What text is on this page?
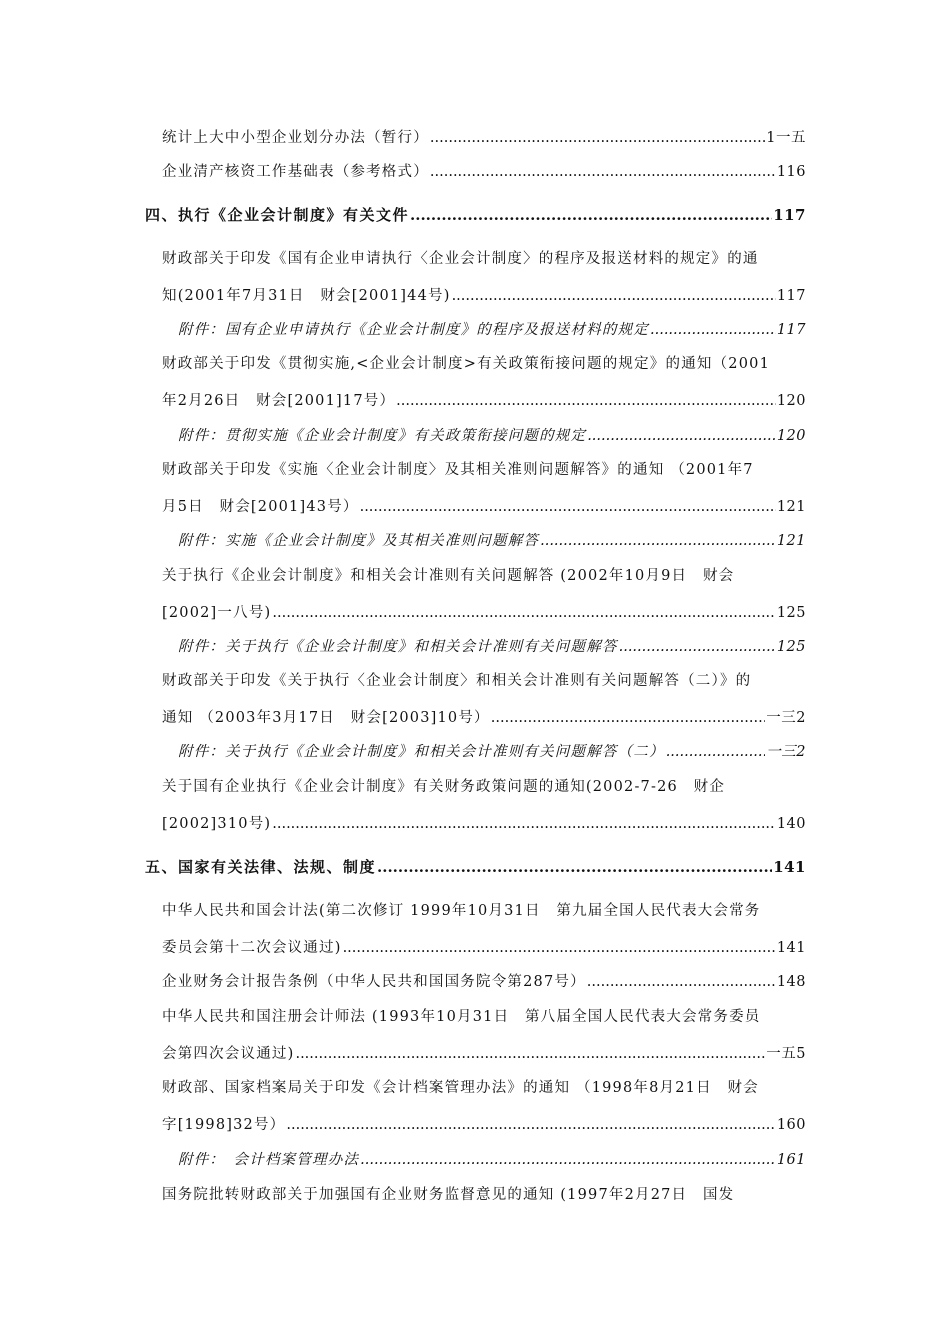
统计上大中小型企业划分办法（暂行） .....	1一五
企业清产核资工作基础表（参考格式） .....	116
四、执行《企业会计制度》有关文件 .....	117
财政部关于印发《国有企业申请执行〈企业会计制度〉的程序及报送材料的规定》的通
知(2001年7月31日　财会[2001]44号) .....	117
附件：国有企业申请执行《企业会计制度》的程序及报送材料的规定 .....	117
财政部关于印发《贯彻实施,<企业会计制度>有关政策衔接问题的规定》的通知（2001
年2月26日　财会[2001]17号） .....	120
附件：贯彻实施《企业会计制度》有关政策衔接问题的规定 .....	120
财政部关于印发《实施〈企业会计制度〉及其相关准则问题解答》的通知 （2001年7
月5日　财会[2001]43号） .....	121
附件：实施《企业会计制度》及其相关准则问题解答 .....	121
关于执行《企业会计制度》和相关会计准则有关问题解答 (2002年10月9日　财会
[2002]一八号) .....	125
附件：关于执行《企业会计制度》和相关会计准则有关问题解答 .....	125
财政部关于印发《关于执行〈企业会计制度〉和相关会计准则有关问题解答（二）》的
通知 （2003年3月17日　财会[2003]10号） .....	一三2
附件：关于执行《企业会计制度》和相关会计准则有关问题解答（二） .....	一三2
关于国有企业执行《企业会计制度》有关财务政策问题的通知(2002-7-26　财企
[2002]310号) .....	140
五、国家有关法律、法规、制度 .....	141
中华人民共和国会计法(第二次修订 1999年10月31日　第九届全国人民代表大会常务
委员会第十二次会议通过) .....	141
企业财务会计报告条例（中华人民共和国国务院令第287号） .....	148
中华人民共和国注册会计师法 (1993年10月31日　第八届全国人民代表大会常务委员
会第四次会议通过) .....	一五5
财政部、国家档案局关于印发《会计档案管理办法》的通知 （1998年8月21日　财会
字[1998]32号） .....	160
附件：　会计档案管理办法 .....	161
国务院批转财政部关于加强国有企业财务监督意见的通知 (1997年2月27日　国发
